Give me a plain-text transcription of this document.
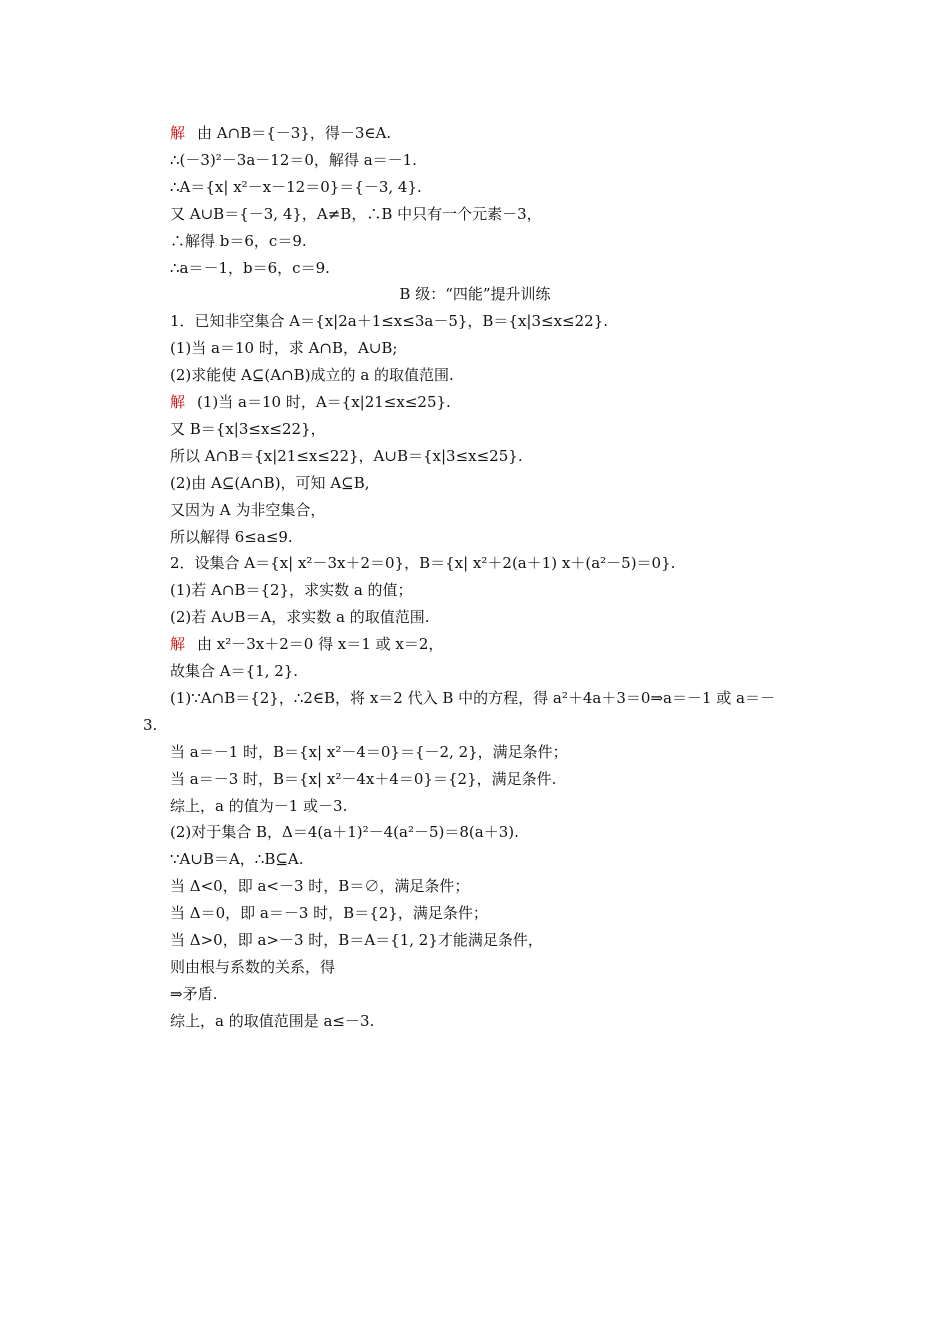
解 由 A∩B＝{－3}，得－3∈A.
∴(－3)²－3a－12＝0，解得 a＝－1.
∴A＝{x| x²－x－12＝0}＝{－3, 4}.
又 A∪B＝{－3, 4}，A≠B，∴B 中只有一个元素－3，
∴解得 b＝6，c＝9.
∴a＝－1，b＝6，c＝9.
B 级：“四能”提升训练
1．已知非空集合 A＝{x|2a＋1≤x≤3a－5}，B＝{x|3≤x≤22}.
(1)当 a＝10 时，求 A∩B，A∪B;
(2)求能使 A⊆(A∩B)成立的 a 的取值范围.
解 (1)当 a＝10 时，A＝{x|21≤x≤25}.
又 B＝{x|3≤x≤22}，
所以 A∩B＝{x|21≤x≤22}，A∪B＝{x|3≤x≤25}.
(2)由 A⊆(A∩B)，可知 A⊆B,
又因为 A 为非空集合，
所以解得 6≤a≤9.
2．设集合 A＝{x| x²－3x＋2＝0}，B＝{x| x²＋2(a＋1) x＋(a²－5)＝0}.
(1)若 A∩B＝{2}，求实数 a 的值；
(2)若 A∪B＝A，求实数 a 的取值范围.
解 由 x²－3x＋2＝0 得 x＝1 或 x＝2，
故集合 A＝{1, 2}.
(1)∵A∩B＝{2}，∴2∈B，将 x＝2 代入 B 中的方程，得 a²＋4a＋3＝0⇒a＝－1 或 a＝－
3.
当 a＝－1 时，B＝{x| x²－4＝0}＝{－2, 2}，满足条件；
当 a＝－3 时，B＝{x| x²－4x＋4＝0}＝{2}，满足条件.
综上，a 的值为－1 或－3.
(2)对于集合 B，Δ＝4(a＋1)²－4(a²－5)＝8(a＋3).
∵A∪B＝A，∴B⊆A.
当 Δ<0，即 a<－3 时，B＝∅，满足条件；
当 Δ＝0，即 a＝－3 时，B＝{2}，满足条件；
当 Δ>0，即 a>－3 时，B＝A＝{1, 2}才能满足条件，
则由根与系数的关系，得
⇒矛盾.
综上，a 的取值范围是 a≤－3.
